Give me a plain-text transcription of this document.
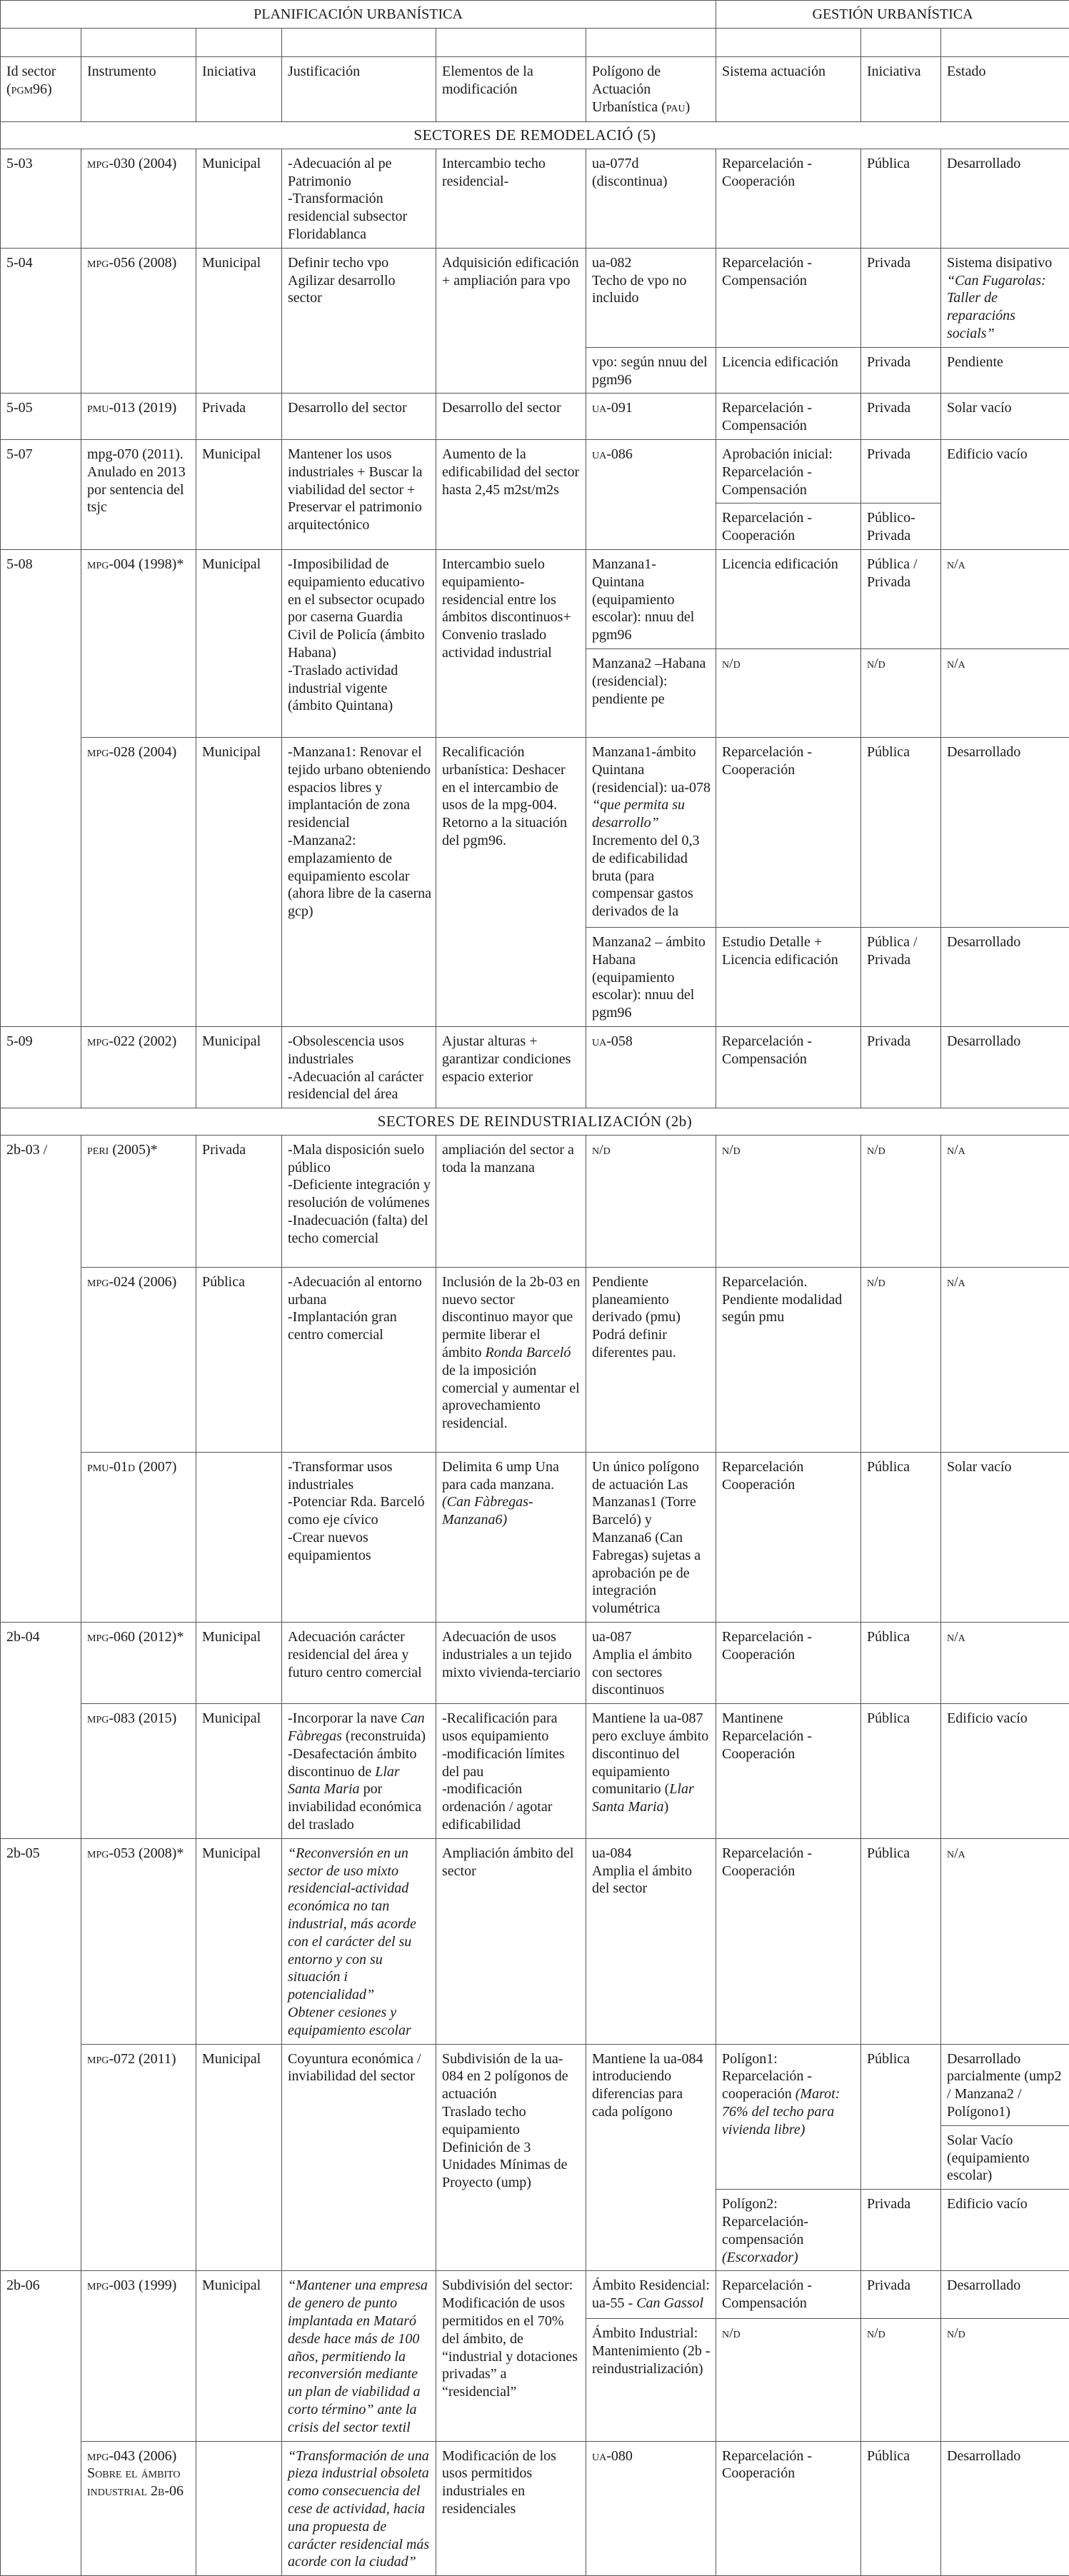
PLANIFICACIÓN URBANÍSTICA						GESTIÓN URBANÍSTICA		

Id sector (pgm96)	Instrumento	Iniciativa	Justificación	Elementos de la modificación	Polígono de Actuación Urbanística (pau)	Sistema actuación	Iniciativa	Estado
SECTORES DE REMODELACIÓ (5)								
5-03	mpg-030 (2004)	Municipal	-Adecuación al pe Patrimonio
-Transformación residencial subsector Floridablanca	Intercambio techo residencial-	ua-077d (discontinua)	Reparcelación -Cooperación	Pública	Desarrollado
5-04	mpg-056 (2008)	Municipal	Definir techo vpo
Agilizar desarrollo sector	Adquisición edificación + ampliación para vpo	ua-082
Techo de vpo no incluido	Reparcelación -Compensación	Privada	Sistema disipativo
“Can Fugarolas: Taller de reparacións socials”
					vpo: según nnuu del pgm96	Licencia edificación	Privada	Pendiente
5-05	pmu-013 (2019)	Privada	Desarrollo del sector	Desarrollo del sector	ua-091	Reparcelación -Compensación	Privada	Solar vacío
5-07	mpg-070 (2011). Anulado en 2013 por sentencia del tsjc	Municipal	Mantener los usos industriales + Buscar la viabilidad del sector + Preservar el patrimonio arquitectónico	Aumento de la edificabilidad del sector hasta 2,45 m2st/m2s	ua-086	Aprobación inicial: Reparcelación -Compensación	Privada	Edificio vacío
						Reparcelación -Cooperación	Público-Privada	
5-08	mpg-004 (1998)*	Municipal	-Imposibilidad de equipamiento educativo en el subsector ocupado por caserna Guardia Civil de Policía (ámbito Habana)
-Traslado actividad industrial vigente (ámbito Quintana)	Intercambio suelo equipamiento-residencial entre los ámbitos discontinuos+ Convenio traslado actividad industrial	Manzana1- Quintana (equipamiento escolar): nnuu del pgm96	Licencia edificación	Pública / Privada	n/a
					Manzana2 –Habana (residencial): pendiente pe	n/d	n/d	n/a
	mpg-028 (2004)	Municipal	-Manzana1: Renovar el tejido urbano obteniendo espacios libres y implantación de zona residencial
-Manzana2: emplazamiento de equipamiento escolar (ahora libre de la caserna gcp)	Recalificación urbanística: Deshacer en el intercambio de usos de la mpg-004. Retorno a la situación del pgm96.	Manzana1-ámbito Quintana (residencial): ua-078 “que permita su desarrollo” Incremento del 0,3 de edificabilidad bruta (para compensar gastos derivados de la	Reparcelación - Cooperación	Pública	Desarrollado
					Manzana2 – ámbito Habana (equipamiento escolar): nnuu del pgm96	Estudio Detalle + Licencia edificación	Pública / Privada	Desarrollado
5-09	mpg-022 (2002)	Municipal	-Obsolescencia usos industriales
-Adecuación al carácter residencial del área	Ajustar alturas + garantizar condiciones espacio exterior	ua-058	Reparcelación -Compensación	Privada	Desarrollado
SECTORES DE REINDUSTRIALIZACIÓN (2b)								
2b-03 /	peri (2005)*	Privada	-Mala disposición suelo público
-Deficiente integración y resolución de volúmenes
-Inadecuación (falta) del techo comercial	ampliación del sector a toda la manzana	n/d	n/d	n/d	n/a
	mpg-024 (2006)	Pública	-Adecuación al entorno urbana
-Implantación gran centro comercial	Inclusión de la 2b-03 en nuevo sector discontinuo mayor que permite liberar el ámbito Ronda Barceló de la imposición comercial y aumentar el aprovechamiento residencial.	Pendiente planeamiento derivado (pmu)
Podrá definir diferentes pau.	Reparcelación. Pendiente modalidad según pmu	n/d	n/a
	pmu-01d (2007)		-Transformar usos industriales
-Potenciar Rda. Barceló como eje cívico
-Crear nuevos equipamientos	Delimita 6 ump Una para cada manzana. (Can Fàbregas-Manzana6)	Un único polígono de actuación Las Manzanas1 (Torre Barceló) y Manzana6 (Can Fabregas) sujetas a aprobación pe de integración volumétrica	Reparcelación Cooperación	Pública	Solar vacío
2b-04	mpg-060 (2012)*	Municipal	Adecuación carácter residencial del área y futuro centro comercial	Adecuación de usos industriales a un tejido mixto vivienda-terciario	ua-087
Amplia el ámbito con sectores discontinuos	Reparcelación -Cooperación	Pública	n/a
	mpg-083 (2015)	Municipal	-Incorporar la nave Can Fàbregas (reconstruida)
-Desafectación ámbito discontinuo de Llar Santa Maria por inviabilidad económica del traslado	-Recalificación para usos equipamiento
-modificación límites del pau
-modificación ordenación / agotar edificabilidad	Mantiene la ua-087 pero excluye ámbito discontinuo del equipamiento comunitario (Llar Santa Maria)	Mantinene Reparcelación -Cooperación	Pública	Edificio vacío
2b-05	mpg-053 (2008)*	Municipal	“Reconversión en un sector de uso mixto residencial-actividad económica no tan industrial, más acorde con el carácter del su entorno y con su situación i potencialidad”
Obtener cesiones y equipamiento escolar	Ampliación ámbito del sector	ua-084
Amplia el ámbito del sector	Reparcelación -Cooperación	Pública	n/a
	mpg-072 (2011)	Municipal	Coyuntura económica / inviabilidad del sector	Subdivisión de la ua-084 en 2 polígonos de actuación
Traslado techo equipamiento
Definición de 3 Unidades Mínimas de Proyecto (ump)	Mantiene la ua-084 introduciendo diferencias para cada polígono	Polígon1: Reparcelación -cooperación (Marot: 76% del techo para vivienda libre)	Pública	Desarrollado parcialmente (ump2 / Manzana2 / Polígono1)
								Solar Vacío (equipamiento escolar)
						Polígon2: Reparcelación-compensación (Escorxador)	Privada	Edificio vacío
2b-06	mpg-003 (1999)	Municipal	“Mantener una empresa de genero de punto implantada en Mataró desde hace más de 100 años, permitiendo la reconversión mediante un plan de viabilidad a corto término” ante la crisis del sector textil	Subdivisión del sector: Modificación de usos permitidos en el 70% del ámbito, de “industrial y dotaciones privadas” a “residencial”	Ámbito Residencial: ua-55 - Can Gassol	Reparcelación -Compensación	Privada	Desarrollado
					Ámbito Industrial: Mantenimiento (2b -reindustrialización)	n/d	n/d	n/d
	mpg-043 (2006) Sobre el ámbito industrial 2b-06		“Transformación de una pieza industrial obsoleta como consecuencia del cese de actividad, hacia una propuesta de carácter residencial más acorde con la ciudad”	Modificación de los usos permitidos industriales en residenciales	ua-080	Reparcelación - Cooperación	Pública	Desarrollado
